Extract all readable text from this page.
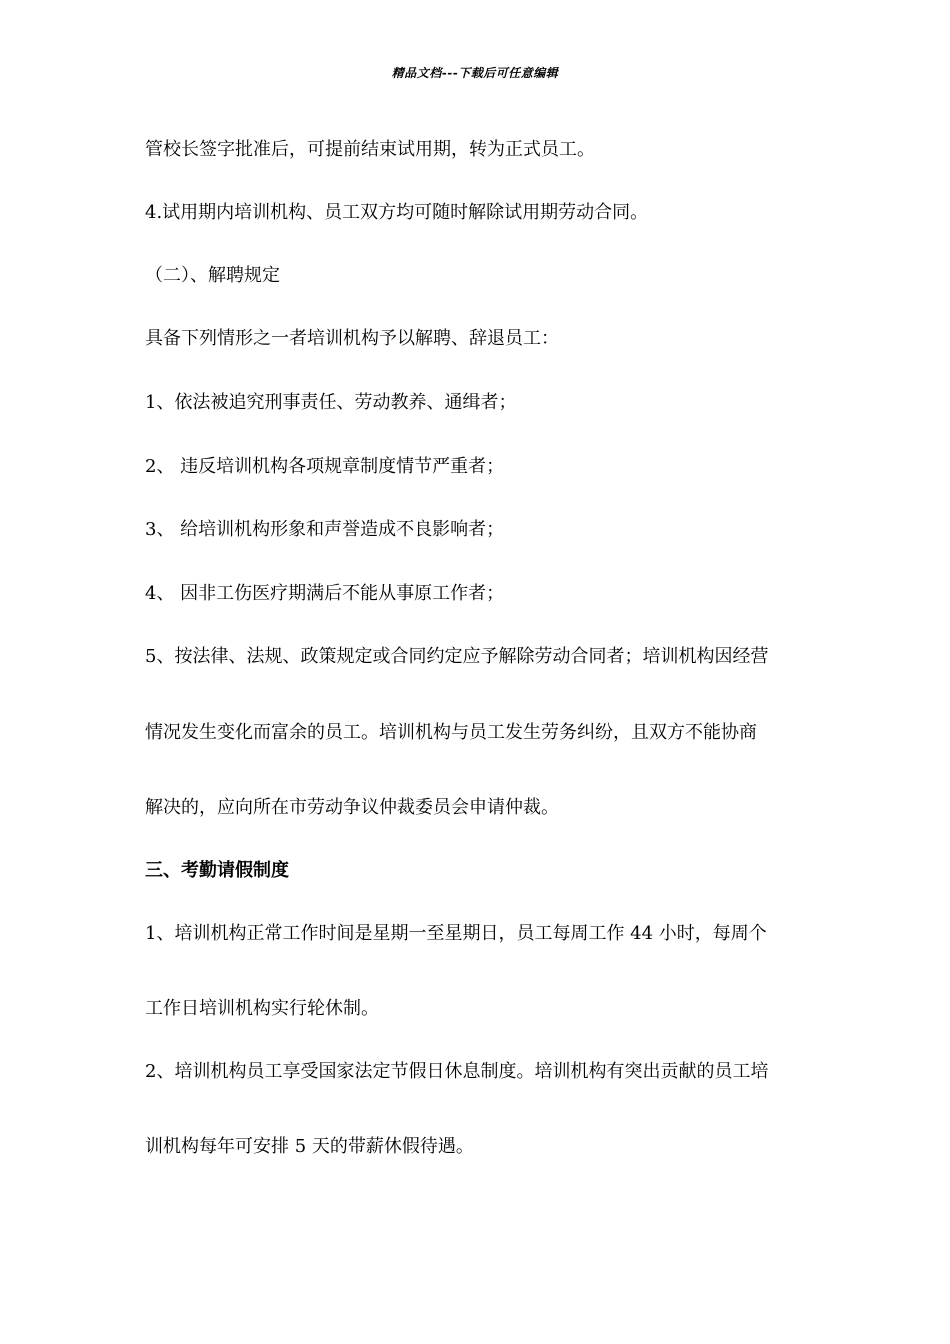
精品文档---下载后可任意编辑
管校长签字批准后，可提前结束试用期，转为正式员工。
4.试用期内培训机构、员工双方均可随时解除试用期劳动合同。
（二）、解聘规定
具备下列情形之一者培训机构予以解聘、辞退员工：
1、依法被追究刑事责任、劳动教养、通缉者；
2、 违反培训机构各项规章制度情节严重者；
3、 给培训机构形象和声誉造成不良影响者；
4、 因非工伤医疗期满后不能从事原工作者；
5、按法律、法规、政策规定或合同约定应予解除劳动合同者；培训机构因经营
情况发生变化而富余的员工。培训机构与员工发生劳务纠纷，且双方不能协商
解决的，应向所在市劳动争议仲裁委员会申请仲裁。
三、考勤请假制度
1、培训机构正常工作时间是星期一至星期日，员工每周工作 44 小时，每周个
工作日培训机构实行轮休制。
2、培训机构员工享受国家法定节假日休息制度。培训机构有突出贡献的员工培
训机构每年可安排 5 天的带薪休假待遇。
